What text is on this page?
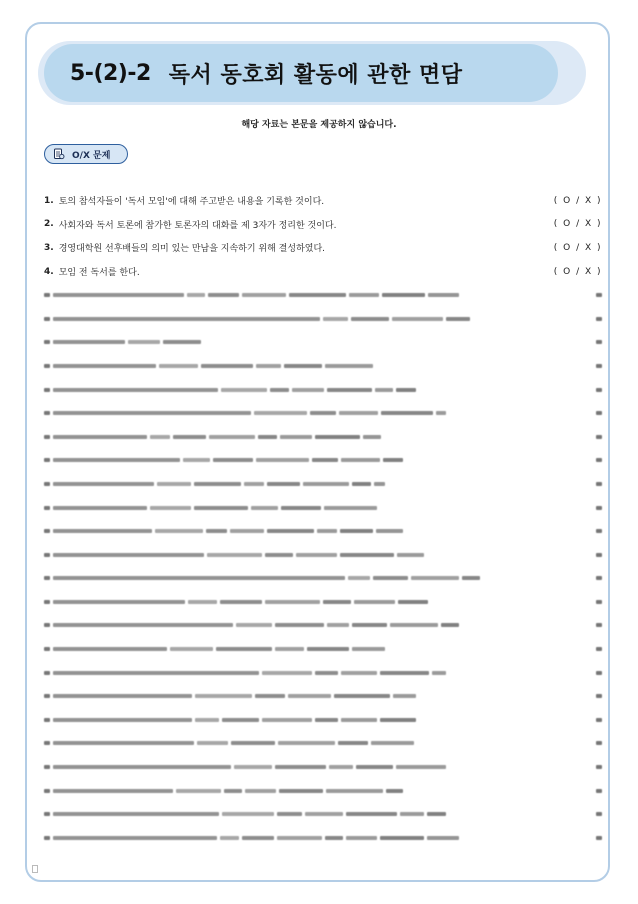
5-(2)-2 독서 동호회 활동에 관한 면담
해당 자료는 본문을 제공하지 않습니다.
O/X 문제
1. 토의 참석자들이 '독서 모임'에 대해 주고받은 내용을 기록한 것이다.	( O / X )
2. 사회자와 독서 토론에 참가한 토론자의 대화를 제 3자가 정리한 것이다.	( O / X )
3. 경영대학원 선후배들의 의미 있는 만남을 지속하기 위해 결성하였다.	( O / X )
4. 모임 전 독서를 한다.	( O / X )
